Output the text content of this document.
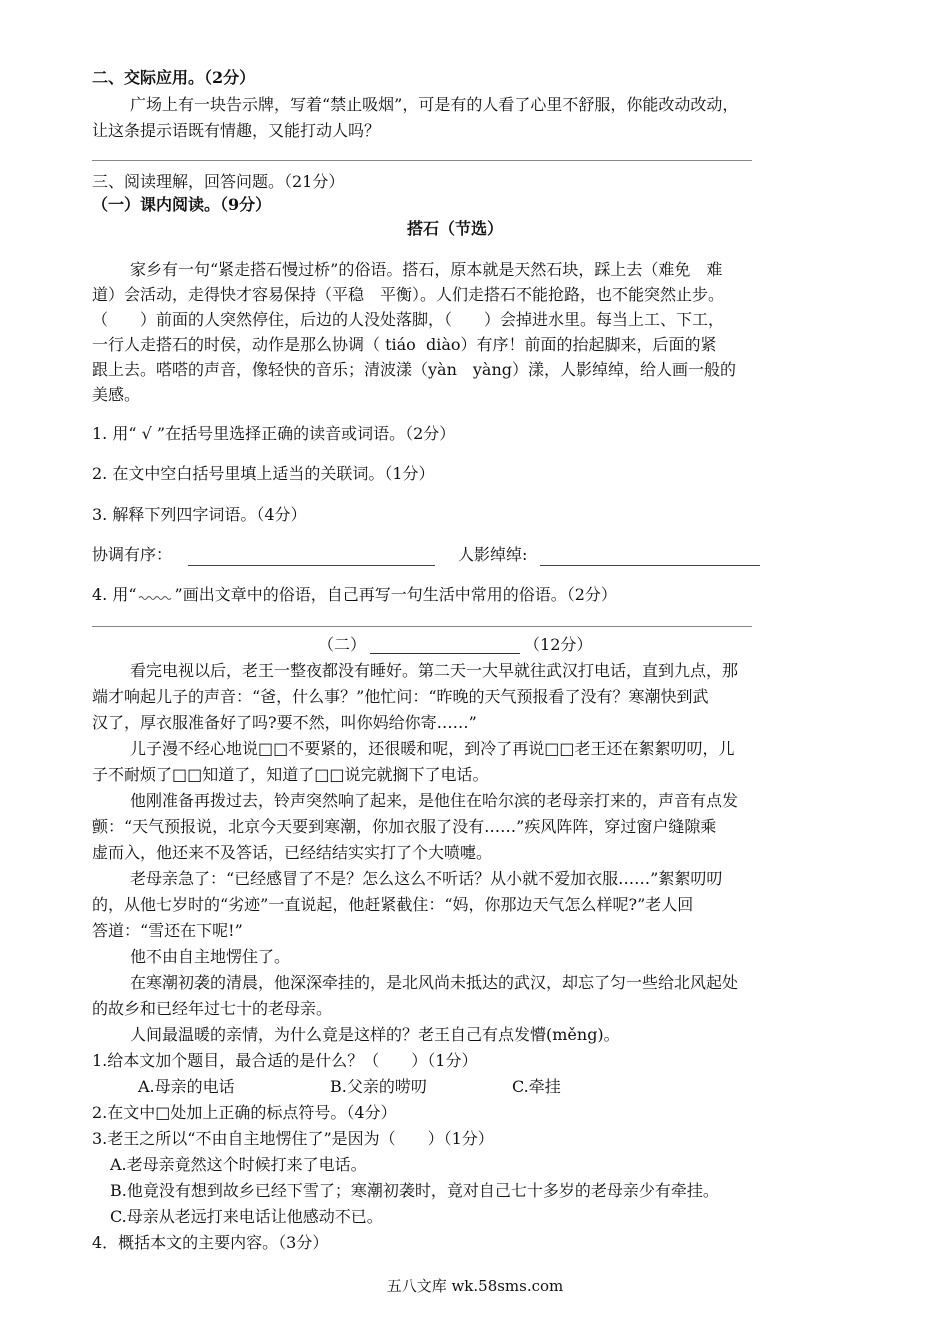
二、交际应用。（2分）
广场上有一块告示牌，写着“禁止吸烟”，可是有的人看了心里不舒服，你能改动改动，
让这条提示语既有情趣，又能打动人吗？
三、阅读理解，回答问题。（21分）
（一）课内阅读。（9分）
搭石（节选）
家乡有一句“紧走搭石慢过桥”的俗语。搭石，原本就是天然石块，踩上去（难免　难
道）会活动，走得快才容易保持（平稳　平衡）。人们走搭石不能抢路，也不能突然止步。
（　　）前面的人突然停住，后边的人没处落脚，（　　）会掉进水里。每当上工、下工，
一行人走搭石的时侯，动作是那么协调（ tiáo  diào）有序！前面的抬起脚来，后面的紧
跟上去。嗒嗒的声音，像轻快的音乐；清波漾（yàn　yàng）漾，人影绰绰，给人画一般的
美感。
1. 用“ √ ”在括号里选择正确的读音或词语。（2分）
2. 在文中空白括号里填上适当的关联词。（1分）
3. 解释下列四字词语。（4分）
协调有序：	人影绰绰:
4. 用“ ”画出文章中的俗语，自己再写一句生活中常用的俗语。（2分）
（二）	（12分）
看完电视以后，老王一整夜都没有睡好。第二天一大早就往武汉打电话，直到九点，那
端才响起儿子的声音：“爸，什么事？”他忙问：“昨晚的天气预报看了没有？寒潮快到武
汉了，厚衣服准备好了吗?要不然，叫你妈给你寄……”
儿子漫不经心地说□□不要紧的，还很暖和呢，到冷了再说□□老王还在絮絮叨叨，儿
子不耐烦了□□知道了，知道了□□说完就搁下了电话。
他刚准备再拨过去，铃声突然响了起来，是他住在哈尔滨的老母亲打来的，声音有点发
颤：“天气预报说，北京今天要到寒潮，你加衣服了没有……”疾风阵阵，穿过窗户缝隙乘
虚而入，他还来不及答话，已经结结实实打了个大喷嚏。
老母亲急了：“已经感冒了不是？怎么这么不听话？从小就不爱加衣服……”絮絮叨叨
的，从他七岁时的“劣迹”一直说起，他赶紧截住：“妈，你那边天气怎么样呢?”老人回
答道：“雪还在下呢!”
他不由自主地愣住了。
在寒潮初袭的清晨，他深深牵挂的，是北风尚未抵达的武汉，却忘了匀一些给北风起处
的故乡和已经年过七十的老母亲。
人间最温暖的亲情，为什么竟是这样的？老王自己有点发懵(měng)。
1.给本文加个题目，最合适的是什么？（　　）（1分）
A.母亲的电话	B.父亲的唠叨	C.牵挂
2.在文中□处加上正确的标点符号。（4分）
3.老王之所以“不由自主地愣住了”是因为（　　）（1分）
A.老母亲竟然这个时候打来了电话。
B.他竟没有想到故乡已经下雪了；寒潮初袭时，竟对自己七十多岁的老母亲少有牵挂。
C.母亲从老远打来电话让他感动不已。
4．概括本文的主要内容。（3分）
五八文库 wk.58sms.com
